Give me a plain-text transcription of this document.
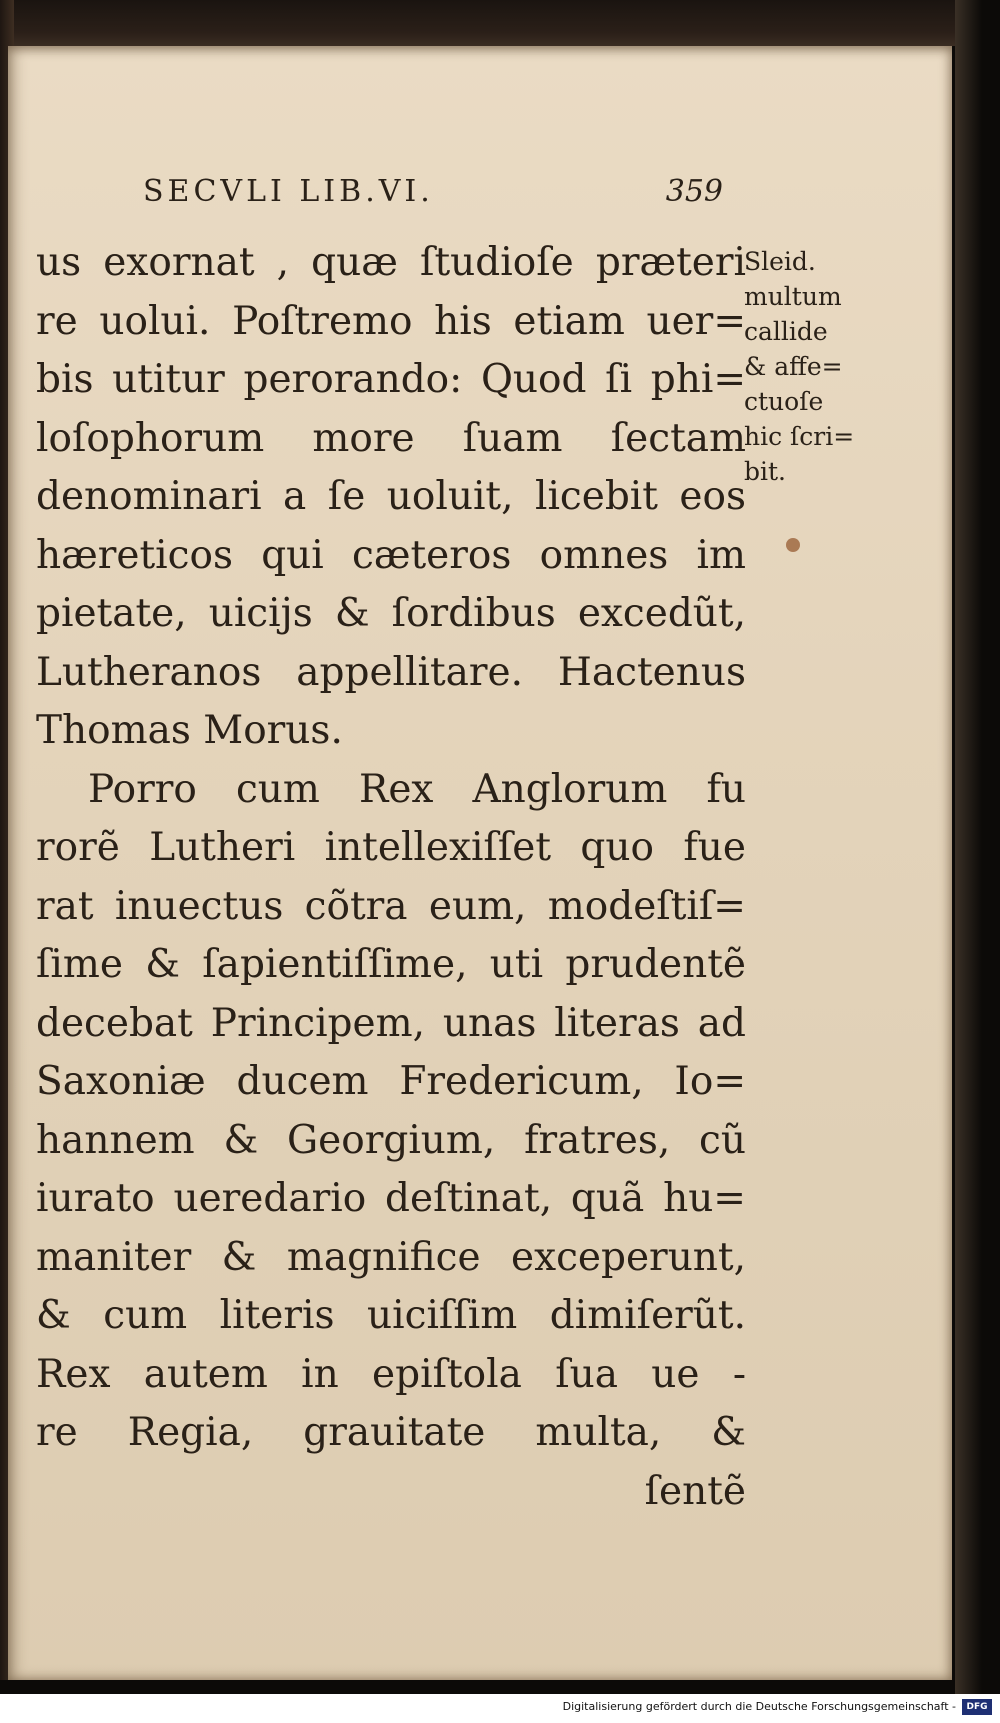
SECVLI LIB.VI.	359
us exornat , quæ ſtudioſe præteri
re uolui. Poſtremo his etiam uer=
bis utitur perorando: Quod ſi phi=
loſophorum more ſuam ſectam
denominari a ſe uoluit, licebit eos
hæreticos qui cæteros omnes im
pietate, uicijs & ſordibus excedũt,
Lutheranos appellitare. Hactenus
Thomas Morus.
Porro cum Rex Anglorum fu
rorẽ Lutheri intellexiſſet quo fue
rat inuectus cõtra eum, modeſtiſ=
ſime & ſapientiſſime, uti prudentẽ
decebat Principem, unas literas ad
Saxoniæ ducem Fredericum, Io=
hannem & Georgium, fratres, cũ
iurato ueredario deſtinat, quã hu=
maniter & magnifice exceperunt,
& cum literis uiciſſim dimiſerũt.
Rex autem in epiſtola ſua ue -
re Regia, grauitate multa, &
ſentẽ
Sleid.
multum
callide
& affe=
ctuoſe
hic ſcri=
bit.
Digitalisierung gefördert durch die Deutsche Forschungsgemeinschaft -	DFG
